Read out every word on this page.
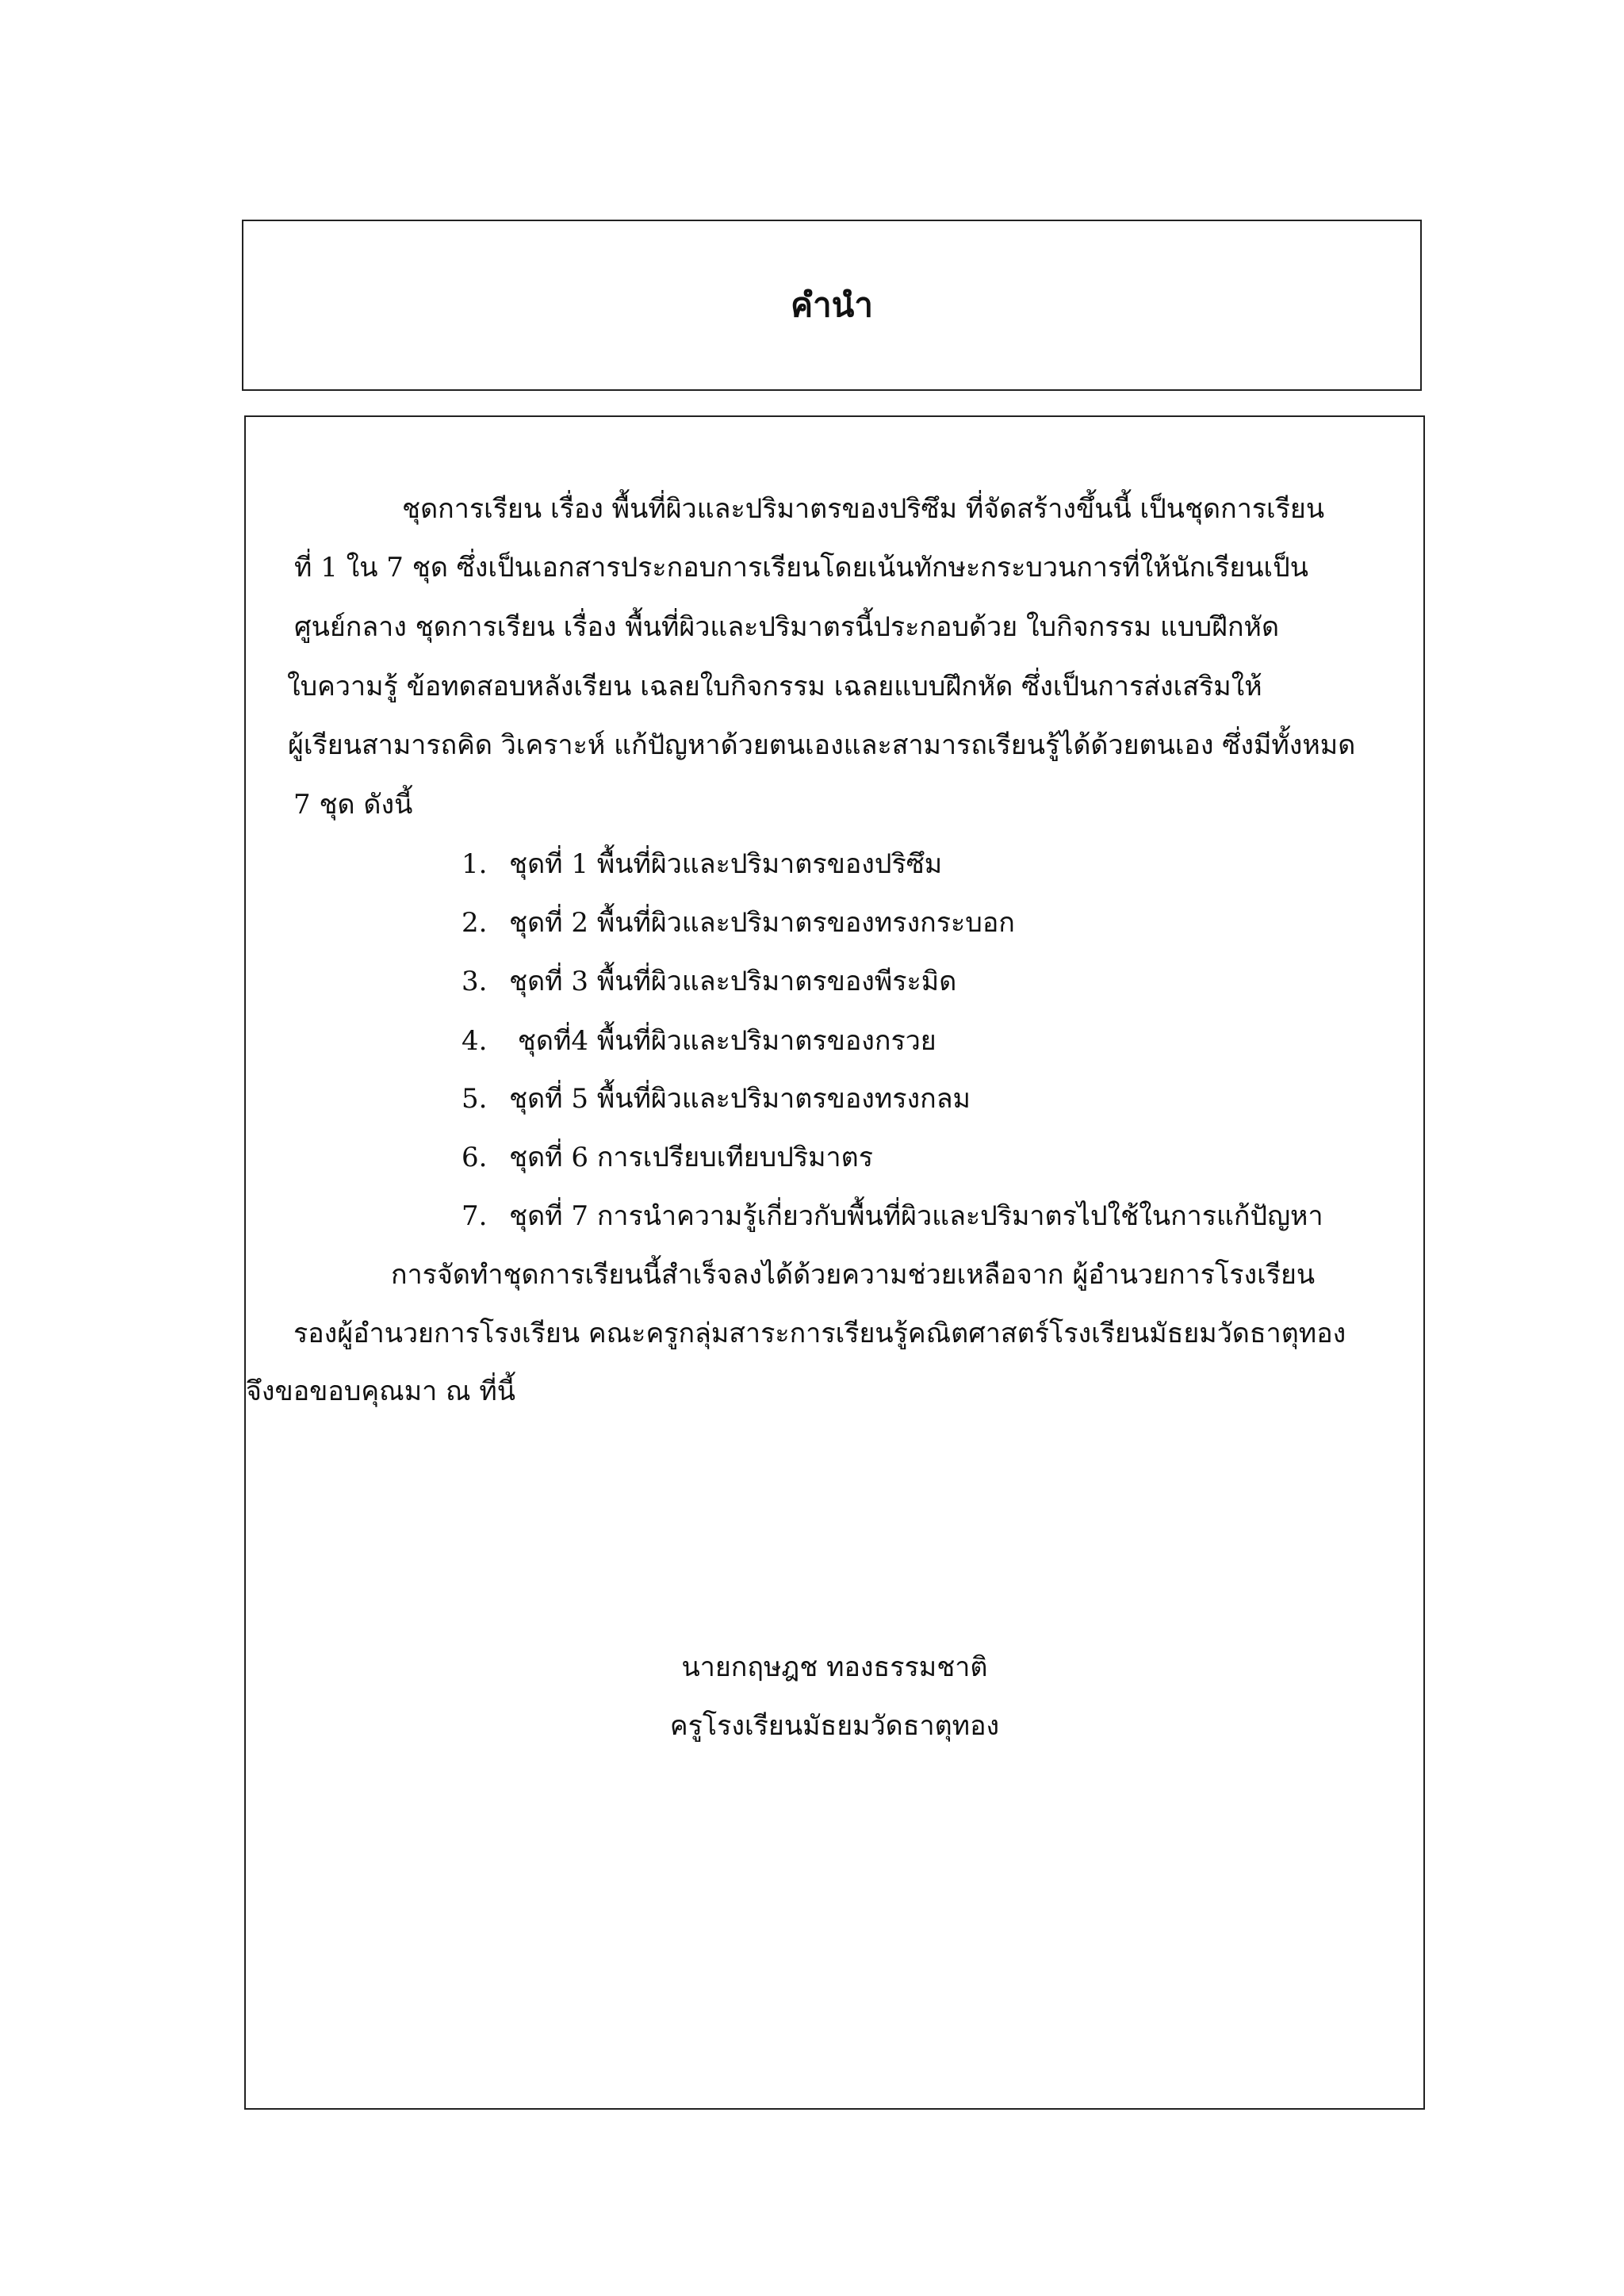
คำนำ
ชุดการเรียน เรื่อง พื้นที่ผิวและปริมาตรของปริซึม ที่จัดสร้างขึ้นนี้ เป็นชุดการเรียน
ที่ 1 ใน 7 ชุด ซึ่งเป็นเอกสารประกอบการเรียนโดยเน้นทักษะกระบวนการที่ให้นักเรียนเป็น
ศูนย์กลาง ชุดการเรียน เรื่อง พื้นที่ผิวและปริมาตรนี้ประกอบด้วย ใบกิจกรรม แบบฝึกหัด
ใบความรู้ ข้อทดสอบหลังเรียน เฉลยใบกิจกรรม เฉลยแบบฝึกหัด ซึ่งเป็นการส่งเสริมให้
ผู้เรียนสามารถคิด วิเคราะห์ แก้ปัญหาด้วยตนเองและสามารถเรียนรู้ได้ด้วยตนเอง ซึ่งมีทั้งหมด
7 ชุด ดังนี้
1. ชุดที่ 1 พื้นที่ผิวและปริมาตรของปริซึม
2. ชุดที่ 2 พื้นที่ผิวและปริมาตรของทรงกระบอก
3. ชุดที่ 3 พื้นที่ผิวและปริมาตรของพีระมิด
4. ชุดที่4 พื้นที่ผิวและปริมาตรของกรวย
5. ชุดที่ 5 พื้นที่ผิวและปริมาตรของทรงกลม
6. ชุดที่ 6 การเปรียบเทียบปริมาตร
7. ชุดที่ 7 การนำความรู้เกี่ยวกับพื้นที่ผิวและปริมาตรไปใช้ในการแก้ปัญหา
การจัดทำชุดการเรียนนี้สำเร็จลงได้ด้วยความช่วยเหลือจาก ผู้อำนวยการโรงเรียน
รองผู้อำนวยการโรงเรียน คณะครูกลุ่มสาระการเรียนรู้คณิตศาสตร์โรงเรียนมัธยมวัดธาตุทอง
จึงขอขอบคุณมา ณ ที่นี้
นายกฤษฎช ทองธรรมชาติ
ครูโรงเรียนมัธยมวัดธาตุทอง
